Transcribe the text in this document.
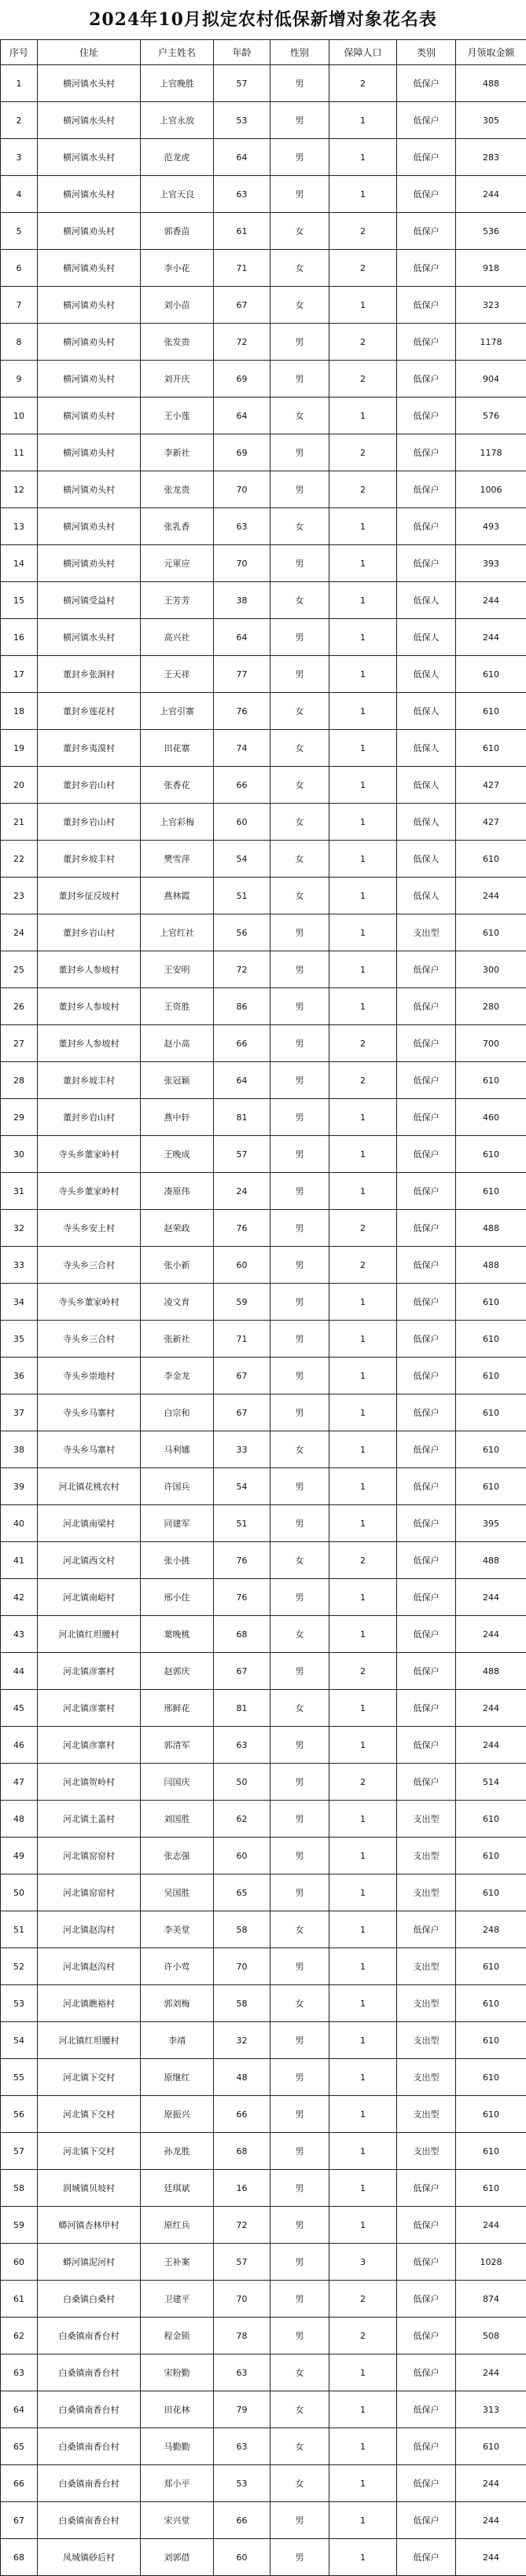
2024年10月拟定农村低保新增对象花名表
序号	住址	户主姓名	年龄	性别	保障人口	类别	月领取金额
1	横河镇水头村	上官晚胜	57	男	2	低保户	488
2	横河镇水头村	上官永放	53	男	1	低保户	305
3	横河镇水头村	范龙虎	64	男	1	低保户	283
4	横河镇水头村	上官天良	63	男	1	低保户	244
5	横河镇劝头村	郭香苗	61	女	2	低保户	536
6	横河镇劝头村	李小花	71	女	2	低保户	918
7	横河镇劝头村	刘小苗	67	女	1	低保户	323
8	横河镇劝头村	张发贵	72	男	2	低保户	1178
9	横河镇劝头村	刘开庆	69	男	2	低保户	904
10	横河镇劝头村	王小莲	64	女	1	低保户	576
11	横河镇劝头村	李新社	69	男	2	低保户	1178
12	横河镇劝头村	张龙贵	70	男	2	低保户	1006
13	横河镇劝头村	张乳香	63	女	1	低保户	493
14	横河镇劝头村	元軍应	70	男	1	低保户	393
15	横河镇受益村	王芳芳	38	女	1	低保人	244
16	横河镇水头村	高兴社	64	男	1	低保人	244
17	董封乡张涧村	王天祥	77	男	1	低保人	610
18	董封乡莲花村	上官引寨	76	女	1	低保人	610
19	董封乡夷漠村	田花寨	74	女	1	低保人	610
20	董封乡岩山村	张香花	66	女	1	低保人	427
21	董封乡岩山村	上官彩梅	60	女	1	低保人	427
22	董封乡坡丰村	樊雪萍	54	女	1	低保人	610
23	董封乡征反坡村	燕林霞	51	女	1	低保人	244
24	董封乡岩山村	上官红社	56	男	1	支出型	610
25	董封乡人参坡村	王安明	72	男	1	低保户	300
26	董封乡人参坡村	王资胜	86	男	1	低保户	280
27	董封乡人参坡村	赵小高	66	男	2	低保户	700
28	董封乡坡丰村	张冠颖	64	男	2	低保户	610
29	董封乡岩山村	燕中轩	81	男	1	低保户	460
30	寺头乡董家岭村	王晚成	57	男	1	低保户	610
31	寺头乡董家岭村	凑原伟	24	男	1	低保户	610
32	寺头乡安上村	赵荣政	76	男	2	低保户	488
33	寺头乡三合村	张小新	60	男	2	低保户	488
34	寺头乡董家岭村	凌文育	59	男	1	低保户	610
35	寺头乡三合村	张新社	71	男	1	低保户	610
36	寺头乡崇地村	李金龙	67	男	1	低保户	610
37	寺头乡马寨村	白宗和	67	男	1	低保户	610
38	寺头乡马寨村	马利娜	33	女	1	低保户	610
39	河北镇花桃农村	许国兵	54	男	1	低保户	610
40	河北镇南梁村	同建军	51	男	1	低保户	395
41	河北镇西文村	张小挑	76	女	2	低保户	488
42	河北镇南峪村	邢小住	76	男	1	低保户	244
43	河北镇红坦腰村	葉晚桃	68	女	1	低保户	244
44	河北镇彦寨村	赵郭庆	67	男	2	低保户	488
45	河北镇彦寨村	邢鲜花	81	女	1	低保户	244
46	河北镇彦寨村	郭清军	63	男	1	低保户	244
47	河北镇贺岭村	闫国庆	50	男	2	低保户	514
48	河北镇土盖村	刘国胜	62	男	1	支出型	610
49	河北镇窑窑村	张志强	60	男	1	支出型	610
50	河北镇窑窑村	吴国胜	65	男	1	支出型	610
51	河北镇赵沟村	李美堂	58	女	1	低保户	248
52	河北镇赵沟村	许小莺	70	男	1	支出型	610
53	河北镇瞧裕村	郭刘梅	58	女	1	支出型	610
54	河北镇红坦腰村	李靖	32	男	1	支出型	610
55	河北镇下交村	原继红	48	男	1	支出型	610
56	河北镇下交村	原振兴	66	男	1	支出型	610
57	河北镇下交村	孙龙胜	68	男	1	支出型	610
58	润城镇贝坡村	廷琪斌	16	男	1	低保户	610
59	蟒河镇杏林甲村	原红兵	72	男	1	低保户	244
60	蟒河镇泥河村	王补案	57	男	3	低保户	1028
61	白桑镇白桑村	卫建平	70	男	2	低保户	874
62	白桑镇南香台村	程金锁	78	男	2	低保户	508
63	白桑镇南香台村	宋粉勤	63	女	1	低保户	244
64	白桑镇南香台村	田花林	79	女	1	低保户	313
65	白桑镇南香台村	马勤勤	63	女	1	低保户	610
66	白桑镇南香台村	郑小平	53	女	1	低保户	244
67	白桑镇南香台村	宋兴堂	66	男	1	低保户	244
68	凤城镇砂后村	刘郭借	60	男	1	低保户	244
